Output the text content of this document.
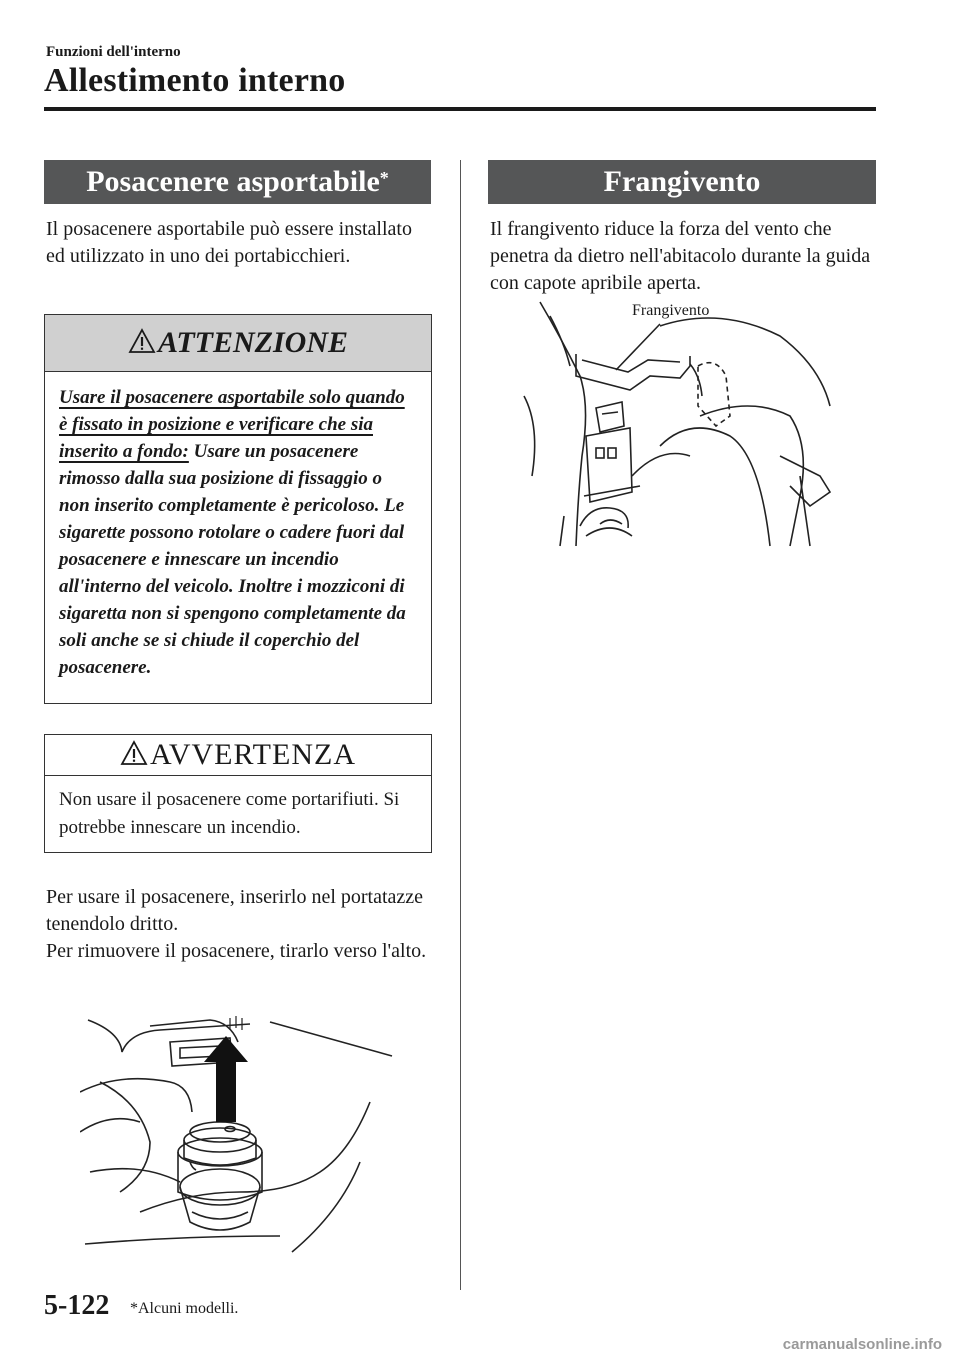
Funzioni dell'interno
Allestimento interno
Posacenere asportabile*
Il posacenere asportabile può essere installato ed utilizzato in uno dei portabicchieri.
ATTENZIONE
Usare il posacenere asportabile solo quando è fissato in posizione e verificare che sia inserito a fondo: Usare un posacenere rimosso dalla sua posizione di fissaggio o non inserito completamente è pericoloso. Le sigarette possono rotolare o cadere fuori dal posacenere e innescare un incendio all'interno del veicolo. Inoltre i mozziconi di sigaretta non si spengono completamente da soli anche se si chiude il coperchio del posacenere.
AVVERTENZA
Non usare il posacenere come portarifiuti. Si potrebbe innescare un incendio.
Per usare il posacenere, inserirlo nel portatazze tenendolo dritto.
Per rimuovere il posacenere, tirarlo verso l'alto.
Frangivento
Il frangivento riduce la forza del vento che penetra da dietro nell'abitacolo durante la guida con capote apribile aperta.
Frangivento
5-122 *Alcuni modelli.
carmanualsonline.info
